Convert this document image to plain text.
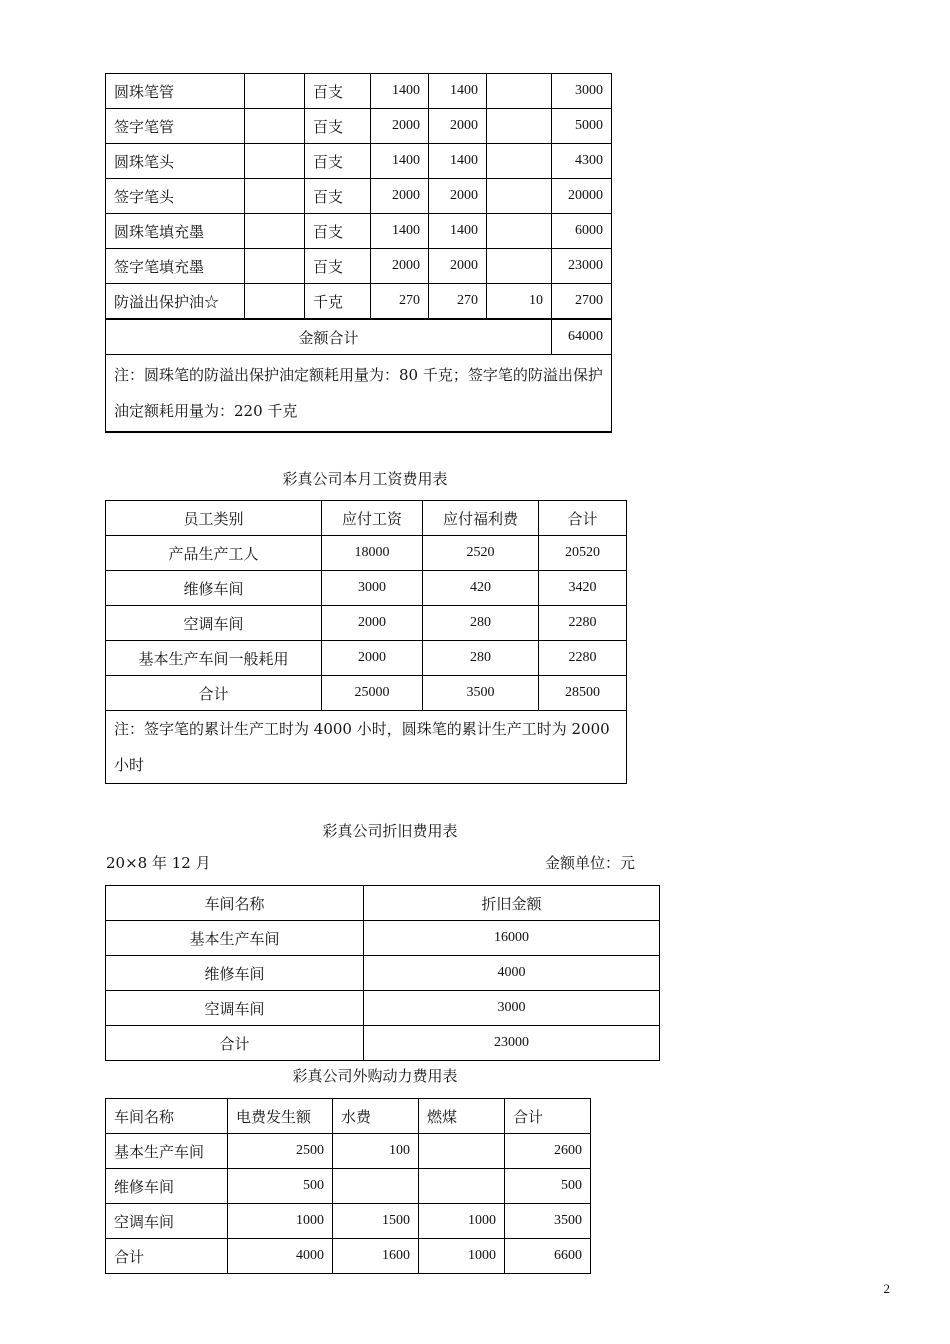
圆珠笔管		百支	1400	1400		3000
签字笔管		百支	2000	2000		5000
圆珠笔头		百支	1400	1400		4300
签字笔头		百支	2000	2000		20000
圆珠笔填充墨		百支	1400	1400		6000
签字笔填充墨		百支	2000	2000		23000
防溢出保护油☆		千克	270	270	10	2700
金额合计						64000
注：圆珠笔的防溢出保护油定额耗用量为：80 千克；签字笔的防溢出保护油定额耗用量为：220 千克						
彩真公司本月工资费用表
员工类别	应付工资	应付福利费	合计
产品生产工人	18000	2520	20520
维修车间	3000	420	3420
空调车间	2000	280	2280
基本生产车间一般耗用	2000	280	2280
合计	25000	3500	28500
注：签字笔的累计生产工时为 4000 小时，圆珠笔的累计生产工时为 2000 小时			
彩真公司折旧费用表
20×8 年 12 月	金额单位：元
车间名称	折旧金额
基本生产车间	16000
维修车间	4000
空调车间	3000
合计	23000
彩真公司外购动力费用表
车间名称	电费发生额	水费	燃煤	合计
基本生产车间	2500	100		2600
维修车间	500			500
空调车间	1000	1500	1000	3500
合计	4000	1600	1000	6600
2
